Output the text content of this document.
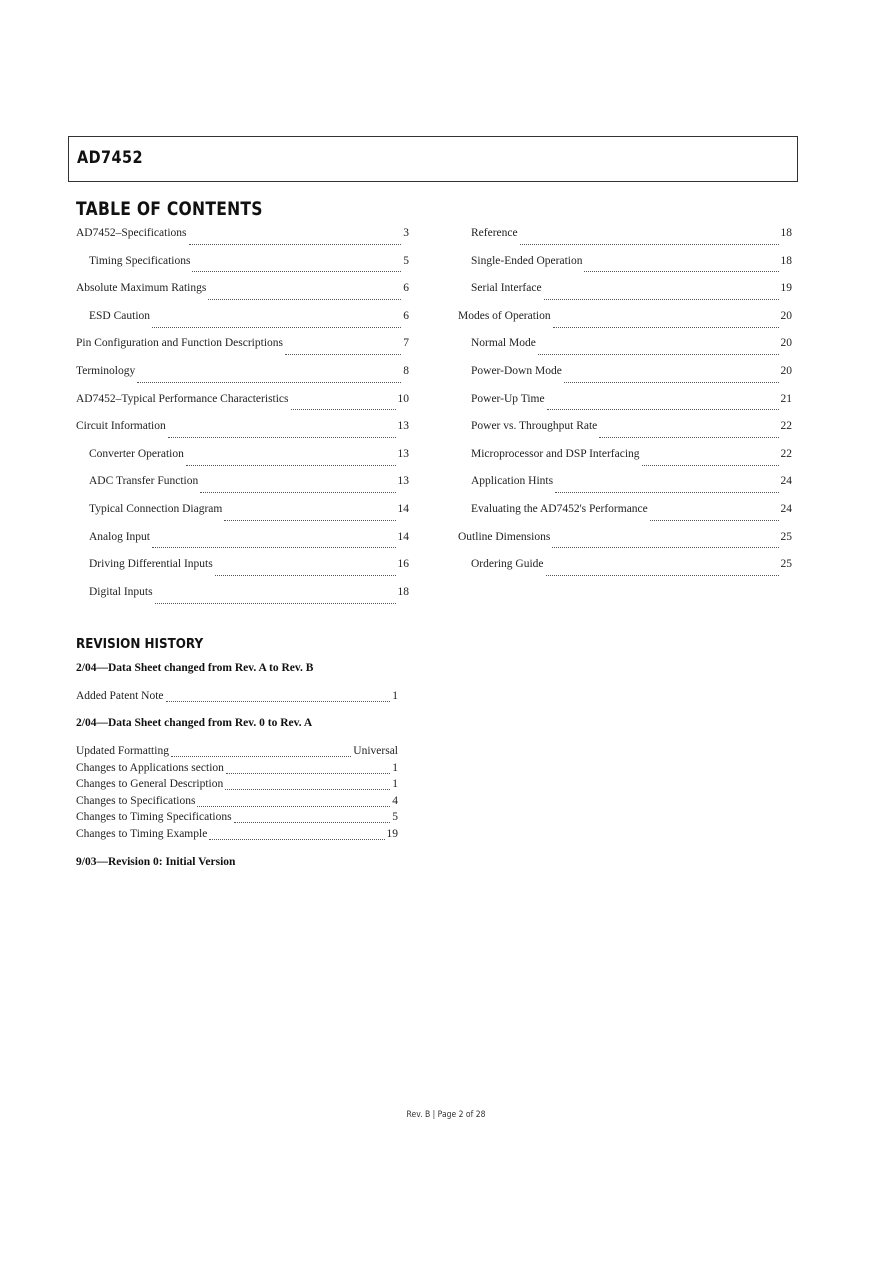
AD7452
TABLE OF CONTENTS
AD7452–Specifications	3
Timing Specifications	5
Absolute Maximum Ratings	6
ESD Caution	6
Pin Configuration and Function Descriptions	7
Terminology	8
AD7452–Typical Performance Characteristics	10
Circuit Information	13
Converter Operation	13
ADC Transfer Function	13
Typical Connection Diagram	14
Analog Input	14
Driving Differential Inputs	16
Digital Inputs	18
Reference	18
Single-Ended Operation	18
Serial Interface	19
Modes of Operation	20
Normal Mode	20
Power-Down Mode	20
Power-Up Time	21
Power vs. Throughput Rate	22
Microprocessor and DSP Interfacing	22
Application Hints	24
Evaluating the AD7452's Performance	24
Outline Dimensions	25
Ordering Guide	25
REVISION HISTORY
2/04—Data Sheet changed from Rev. A to Rev. B
Added Patent Note	1
2/04—Data Sheet changed from Rev. 0 to Rev. A
Updated Formatting	Universal
Changes to Applications section	1
Changes to General Description	1
Changes to Specifications	4
Changes to Timing Specifications	5
Changes to Timing Example	19
9/03—Revision 0: Initial Version
Rev. B | Page 2 of 28
